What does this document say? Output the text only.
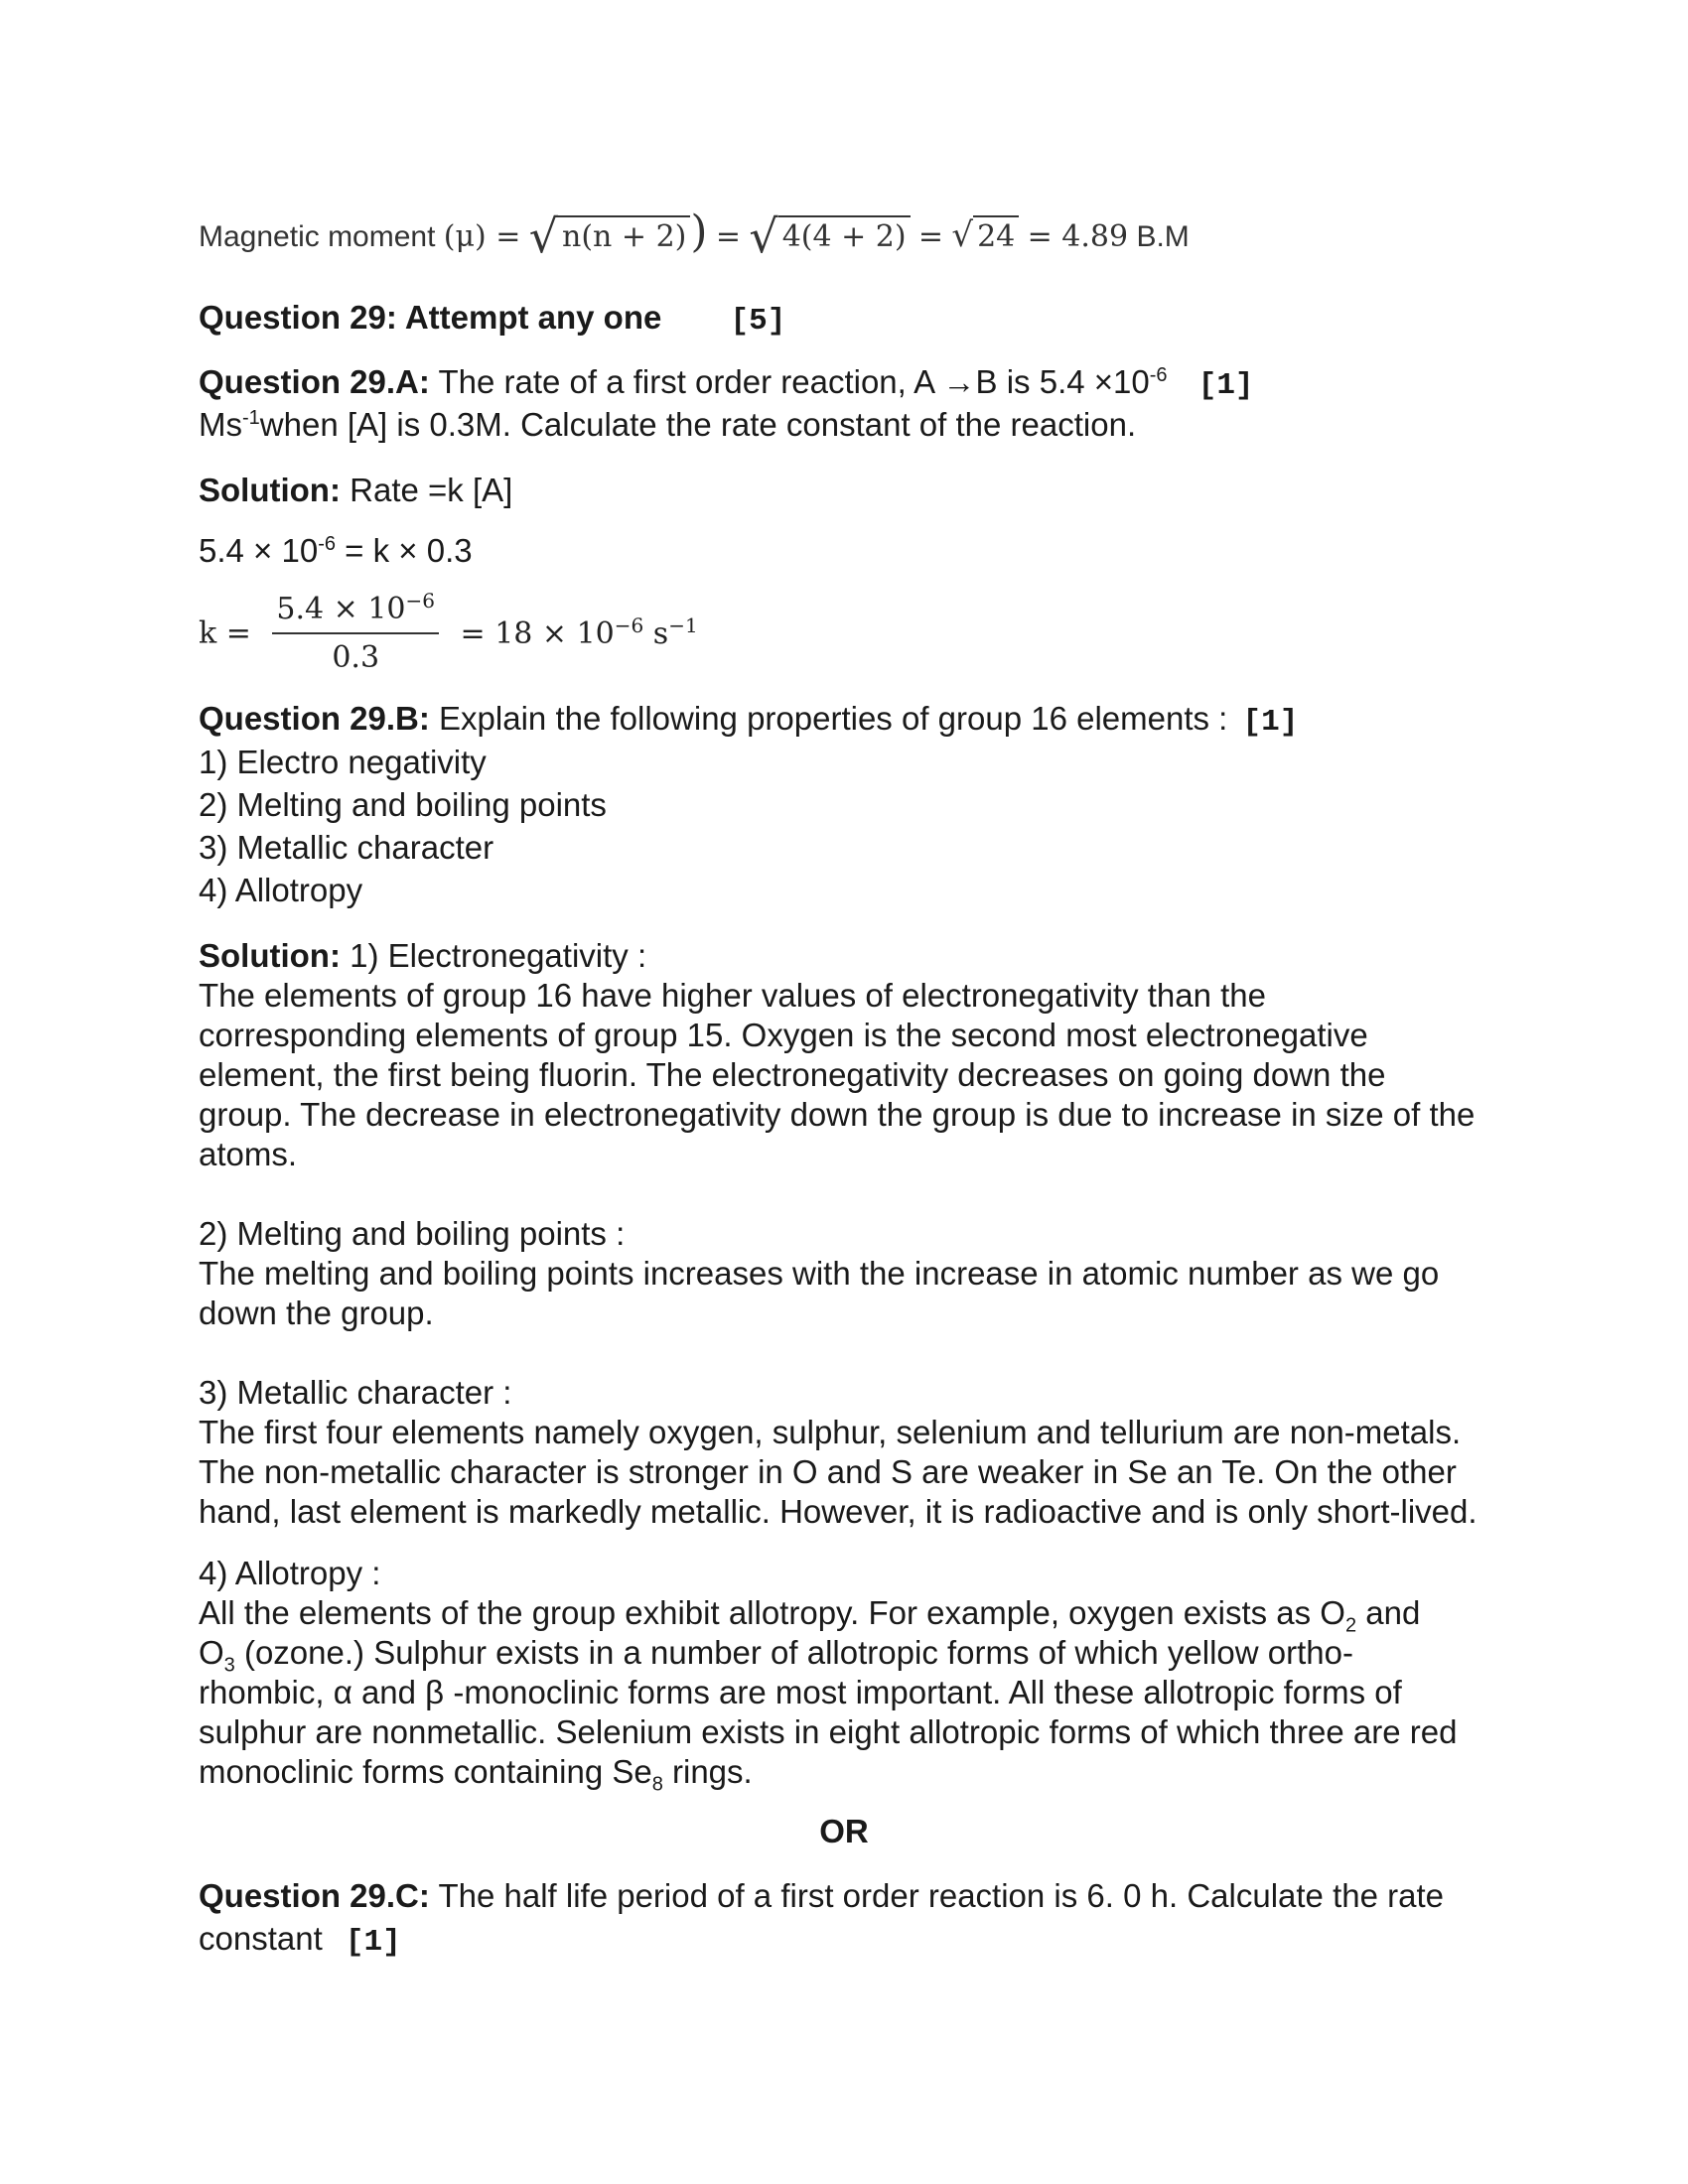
Magnetic moment (μ) = √ n(n + 2)) = √ 4(4 + 2) = √ 24 = 4.89 B.M
Question 29: Attempt any one [5]
Question 29.A: The rate of a first order reaction, A →B is $5.4 \times 10^{-6}$ [1]
$Ms^{-1}when$ [A] is 0.3M. Calculate the rate constant of the reaction.
Solution: Rate =k [A]
$5.4 \times 10^{-6} = k \times 0.3$
$k = \frac{5.4 \times 10^{-6}}{0.3} = 18 \times 10^{-6}$ $s^{-1}$
Question 29.B: Explain the following properties of group 16 elements : [1]
1) Electro negativity
2) Melting and boiling points
3) Metallic character
4) Allotropy
Solution: 1) Electronegativity :
The elements of group 16 have higher values of electronegativity than the
corresponding elements of group 15. Oxygen is the second most electronegative
element, the first being fluorin. The electronegativity decreases on going down the
group. The decrease in electronegativity down the group is due to increase in size of the
atoms.
2) Melting and boiling points :
The melting and boiling points increases with the increase in atomic number as we go
down the group.
3) Metallic character :
The first four elements namely oxygen, sulphur, selenium and tellurium are non-metals.
The non-metallic character is stronger in O and S are weaker in Se an Te. On the other
hand, last element is markedly metallic. However, it is radioactive and is only short-lived.
4) Allotropy :
All the elements of the group exhibit allotropy. For example, oxygen exists as $O_2$ and
$O_3$ (ozone.) Sulphur exists in a number of allotropic forms of which yellow ortho-
rhombic, α and β -monoclinic forms are most important. All these allotropic forms of
sulphur are nonmetallic. Selenium exists in eight allotropic forms of which three are red
monoclinic forms containing $Se_8$ rings.
OR
Question 29.C: The half life period of a first order reaction is 6. 0 h. Calculate the rate
constant [1]
